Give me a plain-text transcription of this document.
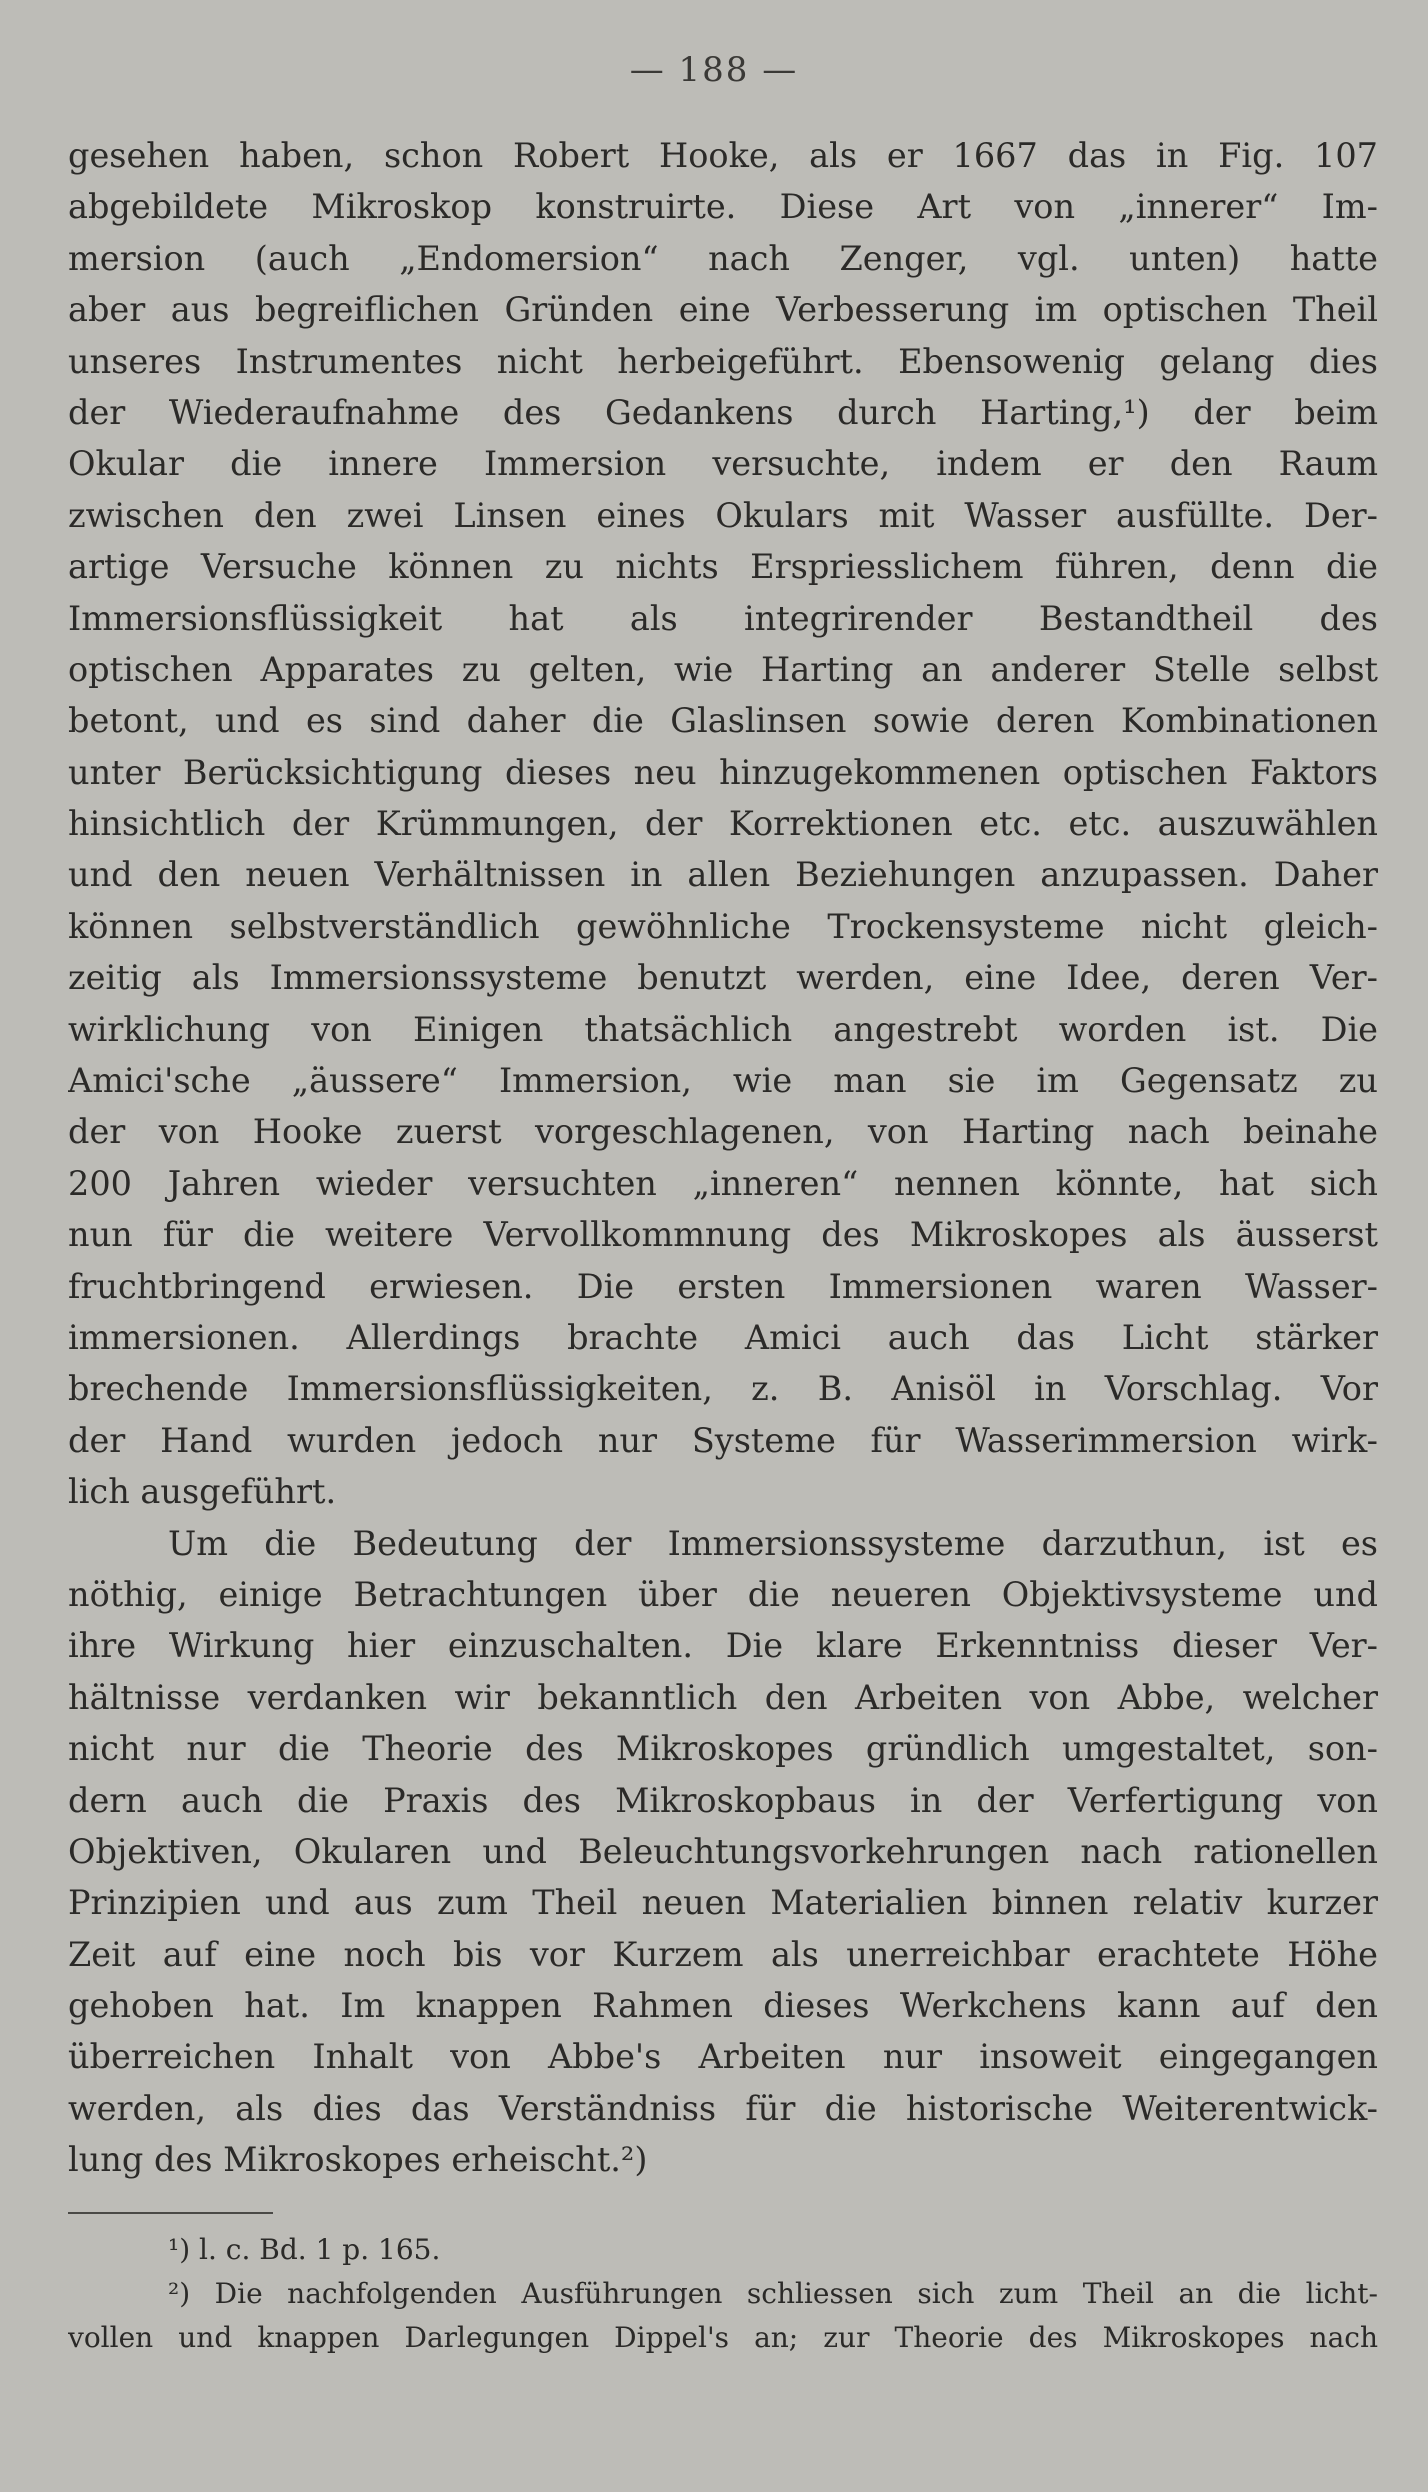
— 188 —
gesehen haben, schon Robert Hooke, als er 1667 das in Fig. 107
abgebildete Mikroskop konstruirte. Diese Art von „innerer“ Im-
mersion (auch „Endomersion“ nach Zenger, vgl. unten) hatte
aber aus begreiflichen Gründen eine Verbesserung im optischen Theil
unseres Instrumentes nicht herbeigeführt. Ebensowenig gelang dies
der Wiederaufnahme des Gedankens durch Harting,¹) der beim
Okular die innere Immersion versuchte, indem er den Raum
zwischen den zwei Linsen eines Okulars mit Wasser ausfüllte. Der-
artige Versuche können zu nichts Erspriesslichem führen, denn die
Immersionsflüssigkeit hat als integrirender Bestandtheil des
optischen Apparates zu gelten, wie Harting an anderer Stelle selbst
betont, und es sind daher die Glaslinsen sowie deren Kombinationen
unter Berücksichtigung dieses neu hinzugekommenen optischen Faktors
hinsichtlich der Krümmungen, der Korrektionen etc. etc. auszuwählen
und den neuen Verhältnissen in allen Beziehungen anzupassen. Daher
können selbstverständlich gewöhnliche Trockensysteme nicht gleich-
zeitig als Immersionssysteme benutzt werden, eine Idee, deren Ver-
wirklichung von Einigen thatsächlich angestrebt worden ist. Die
Amici'sche „äussere“ Immersion, wie man sie im Gegensatz zu
der von Hooke zuerst vorgeschlagenen, von Harting nach beinahe
200 Jahren wieder versuchten „inneren“ nennen könnte, hat sich
nun für die weitere Vervollkommnung des Mikroskopes als äusserst
fruchtbringend erwiesen. Die ersten Immersionen waren Wasser-
immersionen. Allerdings brachte Amici auch das Licht stärker
brechende Immersionsflüssigkeiten, z. B. Anisöl in Vorschlag. Vor
der Hand wurden jedoch nur Systeme für Wasserimmersion wirk-
lich ausgeführt.
Um die Bedeutung der Immersionssysteme darzuthun, ist es
nöthig, einige Betrachtungen über die neueren Objektivsysteme und
ihre Wirkung hier einzuschalten. Die klare Erkenntniss dieser Ver-
hältnisse verdanken wir bekanntlich den Arbeiten von Abbe, welcher
nicht nur die Theorie des Mikroskopes gründlich umgestaltet, son-
dern auch die Praxis des Mikroskopbaus in der Verfertigung von
Objektiven, Okularen und Beleuchtungsvorkehrungen nach rationellen
Prinzipien und aus zum Theil neuen Materialien binnen relativ kurzer
Zeit auf eine noch bis vor Kurzem als unerreichbar erachtete Höhe
gehoben hat. Im knappen Rahmen dieses Werkchens kann auf den
überreichen Inhalt von Abbe's Arbeiten nur insoweit eingegangen
werden, als dies das Verständniss für die historische Weiterentwick-
lung des Mikroskopes erheischt.²)
¹) l. c. Bd. 1 p. 165.
²) Die nachfolgenden Ausführungen schliessen sich zum Theil an die licht-
vollen und knappen Darlegungen Dippel's an; zur Theorie des Mikroskopes nach
